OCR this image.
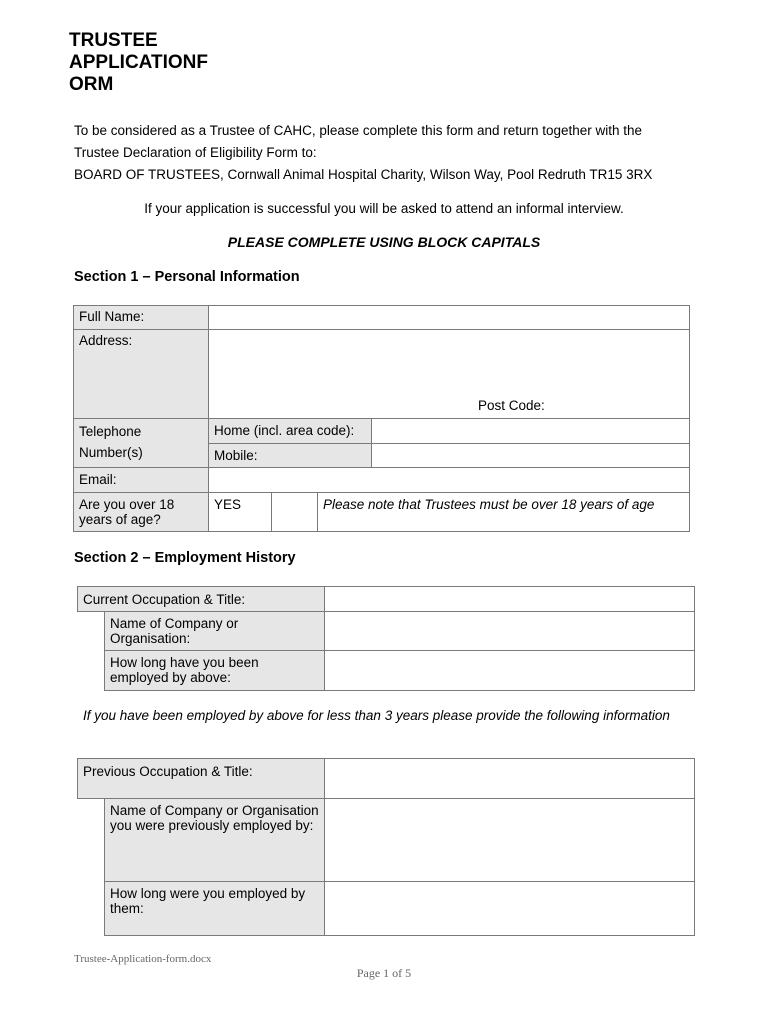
TRUSTEE
APPLICATIONF
ORM
To be considered as a Trustee of CAHC, please complete this form and return together with the
Trustee Declaration of Eligibility Form to:
BOARD OF TRUSTEES, Cornwall Animal Hospital Charity, Wilson Way, Pool Redruth TR15 3RX
If your application is successful you will be asked to attend an informal interview.
PLEASE COMPLETE USING BLOCK CAPITALS
Section 1 – Personal Information
Full Name:
Address:
Post Code:
Telephone
Number(s)
Home (incl. area code):
Mobile:
Email:
Are you over 18 years of age?
YES	Please note that Trustees must be over 18 years of age
Section 2 – Employment History
Current Occupation & Title:
Name of Company or Organisation:
How long have you been employed by above:
If you have been employed by above for less than 3 years please provide the following information
Previous Occupation & Title:
Name of Company or Organisation you were previously employed by:
How long were you employed by them:
Trustee-Application-form.docx
Page 1 of 5
